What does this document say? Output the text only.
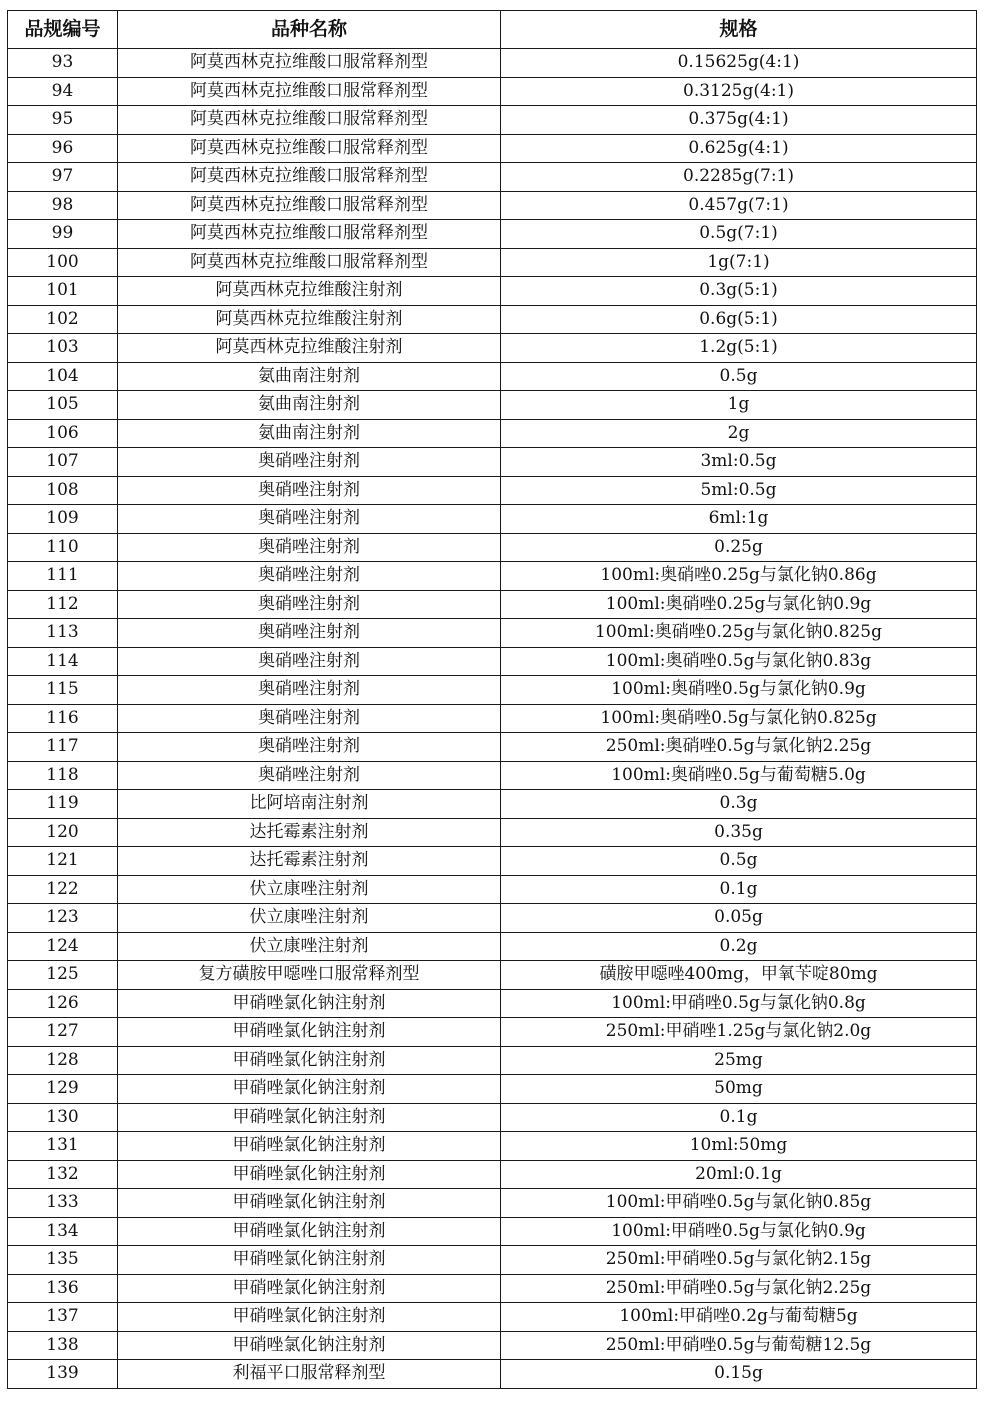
品规编号	品种名称	规格
93	阿莫西林克拉维酸口服常释剂型	0.15625g(4:1)
94	阿莫西林克拉维酸口服常释剂型	0.3125g(4:1)
95	阿莫西林克拉维酸口服常释剂型	0.375g(4:1)
96	阿莫西林克拉维酸口服常释剂型	0.625g(4:1)
97	阿莫西林克拉维酸口服常释剂型	0.2285g(7:1)
98	阿莫西林克拉维酸口服常释剂型	0.457g(7:1)
99	阿莫西林克拉维酸口服常释剂型	0.5g(7:1)
100	阿莫西林克拉维酸口服常释剂型	1g(7:1)
101	阿莫西林克拉维酸注射剂	0.3g(5:1)
102	阿莫西林克拉维酸注射剂	0.6g(5:1)
103	阿莫西林克拉维酸注射剂	1.2g(5:1)
104	氨曲南注射剂	0.5g
105	氨曲南注射剂	1g
106	氨曲南注射剂	2g
107	奥硝唑注射剂	3ml:0.5g
108	奥硝唑注射剂	5ml:0.5g
109	奥硝唑注射剂	6ml:1g
110	奥硝唑注射剂	0.25g
111	奥硝唑注射剂	100ml:奥硝唑0.25g与氯化钠0.86g
112	奥硝唑注射剂	100ml:奥硝唑0.25g与氯化钠0.9g
113	奥硝唑注射剂	100ml:奥硝唑0.25g与氯化钠0.825g
114	奥硝唑注射剂	100ml:奥硝唑0.5g与氯化钠0.83g
115	奥硝唑注射剂	100ml:奥硝唑0.5g与氯化钠0.9g
116	奥硝唑注射剂	100ml:奥硝唑0.5g与氯化钠0.825g
117	奥硝唑注射剂	250ml:奥硝唑0.5g与氯化钠2.25g
118	奥硝唑注射剂	100ml:奥硝唑0.5g与葡萄糖5.0g
119	比阿培南注射剂	0.3g
120	达托霉素注射剂	0.35g
121	达托霉素注射剂	0.5g
122	伏立康唑注射剂	0.1g
123	伏立康唑注射剂	0.05g
124	伏立康唑注射剂	0.2g
125	复方磺胺甲噁唑口服常释剂型	磺胺甲噁唑400mg，甲氧苄啶80mg
126	甲硝唑氯化钠注射剂	100ml:甲硝唑0.5g与氯化钠0.8g
127	甲硝唑氯化钠注射剂	250ml:甲硝唑1.25g与氯化钠2.0g
128	甲硝唑氯化钠注射剂	25mg
129	甲硝唑氯化钠注射剂	50mg
130	甲硝唑氯化钠注射剂	0.1g
131	甲硝唑氯化钠注射剂	10ml:50mg
132	甲硝唑氯化钠注射剂	20ml:0.1g
133	甲硝唑氯化钠注射剂	100ml:甲硝唑0.5g与氯化钠0.85g
134	甲硝唑氯化钠注射剂	100ml:甲硝唑0.5g与氯化钠0.9g
135	甲硝唑氯化钠注射剂	250ml:甲硝唑0.5g与氯化钠2.15g
136	甲硝唑氯化钠注射剂	250ml:甲硝唑0.5g与氯化钠2.25g
137	甲硝唑氯化钠注射剂	100ml:甲硝唑0.2g与葡萄糖5g
138	甲硝唑氯化钠注射剂	250ml:甲硝唑0.5g与葡萄糖12.5g
139	利福平口服常释剂型	0.15g
